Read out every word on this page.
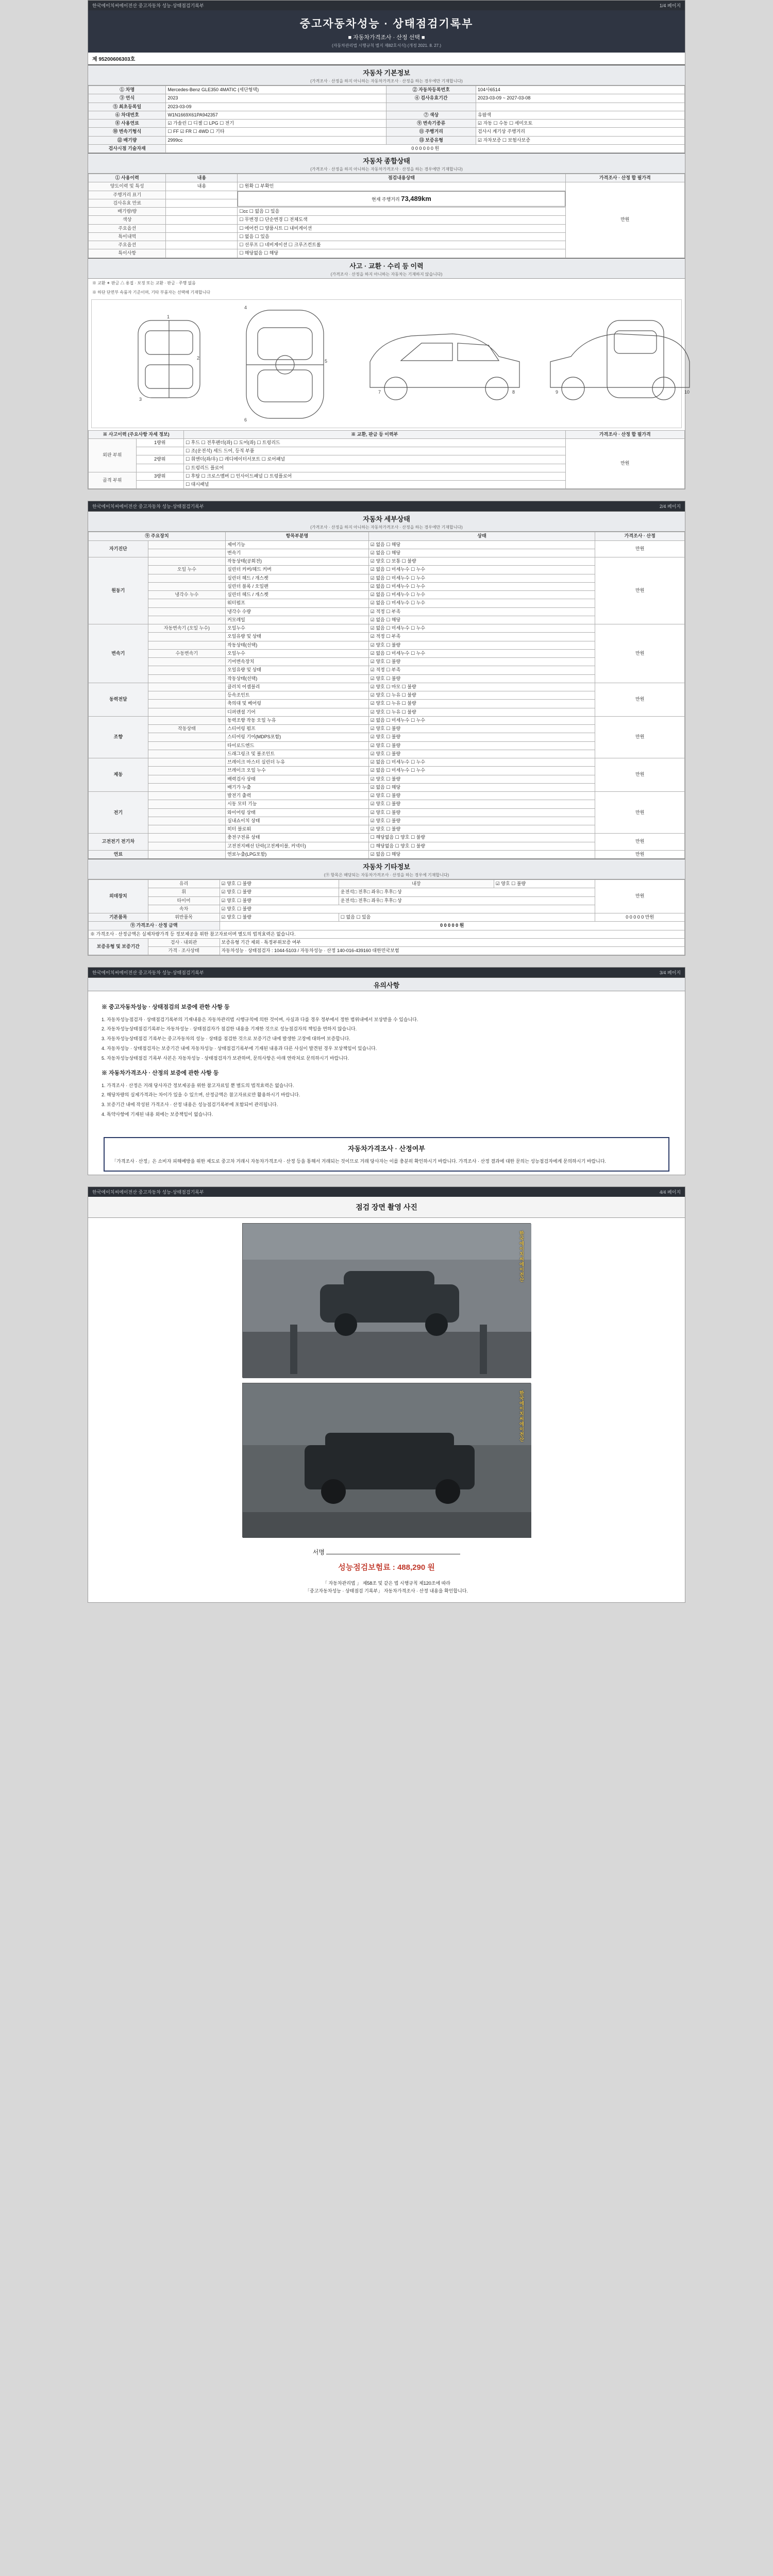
한국에이치씨에이전산 중고자동차 성능·상태점검기록부	1/4 페이지
중고자동차성능 · 상태점검기록부
■ 자동차가격조사 · 산정 선택 ■
(자동차관리법 시행규칙 별지 제82호서식) (개정 2021. 8. 27.)
제 95200606303호
자동차 기본정보
(가격조사 · 산정을 하지 아니하는 자동차가격조사 · 산정을 하는 경우에만 기재합니다)
① 차명	Mercedes-Benz GLE350 4MATIC (세단형택)	② 자동차등록번호	104사6514
③ 연식	2023	④ 검사유효기간	2023-03-09 ~ 2027-03-08
⑤ 최초등록일	2023-03-09		
⑥ 차대번호	W1N1669X61PA942357	⑦ 색상	유팜색
⑧ 사용연료	☑ 가솔린 ☐ 디젤 ☐ LPG ☐ 전기	⑨ 변속기종류	☑ 자동 ☐ 수동 ☐ 세미오토
⑩ 변속기형식	☐ FF ☑ FR ☐ 4WD ☐ 기타	⑪ 주행거리	검사시 계기상 주행거리
⑫ 배기량	2999cc	⑬ 보증유형	☑ 자차보증 ☐ 보험사보증
검사시점 기술자재	0 0 0 0 0 0 원		
자동차 종합상태
(가격조사 · 산정을 하지 아니하는 자동차가격조사 · 산정을 하는 경우에만 기재합니다)
① 사용이력	내용	점검내용상태	가격조사 · 산정 합 필가격
양도이력 및 특성	내용	☐ 원확 ☐ 부확인	만원
주행거리 표기		현재 주행거리 73,489km	

검사유효 만료			
배기량/량		☐cc ☐ 없음 ☐ 있음	
색상		☐ 무변경 ☐ 단순변경 ☐ 전체도색	
주요옵션		☐ 에어컨 ☐ 양품시트 ☐ 내비게이션	
특이내역		☐ 없음 ☐ 있음	
주요옵션		☐ 선루프 ☐ 네비게이션 ☐ 크루즈컨트롤	
특이사항		☐ 해당없음 ☐ 해당	
사고 · 교환 · 수리 등 이력
(가격조사 · 산정을 하지 아니하는 자동차는 기재하지 않습니다)
※ 교환 ✶ 판금 △ 용접 · 보정 또는 교환 · 판금 · 주행 없음
※ 하단 단면부 속품자 기준이며, 기타 부품자는 선택해 기재합니다
1
2
3
4
5
6
7	8	9	10
※ 사고이력 (주요사항 자세 정보)		※ 교환, 판금 등 이력부	가격조사 · 산정 합 필가격
외판 부위	1량위	☐ 후드 ☐ 전후펜더(좌) ☐ 도어(좌) ☐ 트렁리드	만원
		☐ 조(운전석) 세드 드어, 등직 부품	
	2량위	☐ 휘엔더(좌/우) ☐ 레디에이터서포트 ☐ 로어패널	
		☐ 트렁리드 플로어	
골격 부위	3량위	☐ 후탑 ☐ 크로스멤버 ☐ 인사이드패널 ☐ 트렁플로어	
		☐ 대시패널	
한국에이치씨에이전산 중고자동차 성능·상태점검기록부	2/4 페이지
자동차 세부상태
(가격조사 · 산정을 하지 아니하는 자동차가격조사 · 산정을 하는 경우에만 기재합니다)
⑨ 주요장치		항목부분명	상태	가격조사 · 산정
자기진단		제어기능	☑ 없음 ☐ 해당	만원
		변속기	☑ 없음 ☐ 해당	
원동기		작동상태(공회전)	☑ 양호 ☐ 보통 ☐ 불량	만원
	오일 누수	실린더 커버/헤드 커버	☑ 없음 ☐ 미세누수 ☐ 누수	
		실린더 헤드 / 개스켓	☑ 없음 ☐ 미세누수 ☐ 누수	
		실린더 블록 / 오일팬	☑ 없음 ☐ 미세누수 ☐ 누수	
	냉각수 누수	실린더 헤드 / 개스켓	☑ 없음 ☐ 미세누수 ☐ 누수	
		워터펌프	☑ 없음 ☐ 미세누수 ☐ 누수	
		냉각수 수량	☑ 적정 ☐ 부족	
		커모레일	☑ 없음 ☐ 해당	
변속기	자동변속기 (오일 누수)	오일누수	☑ 없음 ☐ 미세누수 ☐ 누수	만원
		오일유량 및 상태	☑ 적정 ☐ 부족	
		작동상태(선택)	☑ 양호 ☐ 불량	
	수동변속기	오일누수	☑ 없음 ☐ 미세누수 ☐ 누수	
		기어변속장치	☑ 양호 ☐ 불량	
		오일유량 및 상태	☑ 적정 ☐ 부족	
		작동상태(선택)	☑ 양호 ☐ 불량	
동력전달		클러치 어셈블리	☑ 양호 ☐ 마모 ☐ 불량	만원
		등속조인트	☑ 양호 ☐ 누유 ☐ 불량	
		축의대 및 베어링	☑ 양호 ☐ 누유 ☐ 불량	
		디퍼렌셜 기어	☑ 양호 ☐ 누유 ☐ 불량	
조향		동력조향 작동 오일 누유	☑ 없음 ☐ 미세누수 ☐ 누수	만원
	작동상태	스티어링 펌프	☑ 양호 ☐ 불량	
		스티어링 기어(MDPS포함)	☑ 양호 ☐ 불량	
		타이로드엔드	☑ 양호 ☐ 불량	
		드래그링크 및 볼조인트	☑ 양호 ☐ 불량	
제동		브레이크 마스터 실린더 누유	☑ 없음 ☐ 미세누수 ☐ 누수	만원
		브레이크 오일 누수	☑ 없음 ☐ 미세누수 ☐ 누수	
		배력검사 상태	☑ 양호 ☐ 불량	
		배기가 누출	☑ 없음 ☐ 해당	
전기		발전기 출력	☑ 양호 ☐ 불량	만원
		시동 모터 기능	☑ 양호 ☐ 불량	
		와이어링 상태	☑ 양호 ☐ 불량	
		실내쇼이치 상태	☑ 양호 ☐ 불량	
		히터 블로워	☑ 양호 ☐ 불량	
고전전기 전기차		충전구전류 상태	☐ 해당없음 ☐ 양호 ☐ 불량	만원
		고전전지배선 단락(고전케이블, 커넥터)	☐ 해당없음 ☐ 양호 ☐ 불량	
연료		연료누출(LPG포함)	☑ 없음 ☐ 해당	만원
자동차 기타정보
(⑨ 항목은 해당되는 자동차가격조사 · 산정을 하는 경우에 기재합니다)
외데장치	유리	☑ 양호 ☐ 불량	내장	☑ 양호 ☐ 불량	만원
	휘	☑ 양호 ☐ 불량	운전석□ 전후□ 좌우□ 후후□ 상		
	타이어	☑ 양호 ☐ 불량	운전석□ 전후□ 좌우□ 후후□ 상		
	속차	☑ 양호 ☐ 불량			
기본품목	위반품목	☑ 양호 ☐ 불량	☐ 없음 ☐ 있음		0 0 0 0 0 만원
⑨ 가격조사 · 산정 금액		0 0 0 0 0 원			
※ 가격조사 · 산정금액은 실제차량가격 등 정보제공을 위한 참고자료이며 별도의 법적효력은 없습니다.					
보증유형 및 보증기간	검사 · 내외관	보증유형 기간 제외 · 특정부위보증 여부			
	가격 · 조사상태	자동차성능 · 상태점검자 : 1044-5103 / 자동차성능 · 산정 140-016-439160 대한민국보험			
한국에이치씨에이전산 중고자동차 성능·상태점검기록부	3/4 페이지
유의사항
※ 중고자동차성능 · 상태점검의 보증에 관한 사항 등

1. 자동차성능점검자 · 상태점검기록부의 기재내용은 자동차관리법 시행규칙에 의한 것이며, 사실과 다를 경우 정부에서 정한 범위내에서 보상받을 수 있습니다.

2. 자동차성능상태점검기록부는 자동차성능 · 상태점검자가 점검한 내용을 기재한 것으로 성능점검자의 책임을 면하지 않습니다.

3. 자동차성능상태점검 기록부는 중고자동차의 성능 · 상태를 점검한 것으로 보증기간 내에 발생한 고장에 대하여 보증합니다.

4. 자동차성능 · 상태점검자는 보증기간 내에 자동차성능 · 상태점검기록부에 기재된 내용과 다른 사실이 발견된 경우 보상책임이 있습니다.

5. 자동차성능상태점검 기록부 사본은 자동차성능 · 상태점검자가 보관하며, 문의사항은 아래 연락처로 문의하시기 바랍니다.

※ 자동차가격조사 · 산정의 보증에 관한 사항 등

1. 가격조사 · 산정은 거래 당사자간 정보제공을 위한 참고자료일 뿐 별도의 법적효력은 없습니다.

2. 해당차량의 실제가격과는 차이가 있을 수 있으며, 산정금액은 참고자료로만 활용하시기 바랍니다.

3. 보증기간 내에 작성된 가격조사 · 산정 내용은 성능점검기록부에 포함되어 관리됩니다.

4. 특약사항에 기재된 내용 외에는 보증책임이 없습니다.

자동차가격조사 · 산정여부
「가격조사 · 산정」은 소비자 피해예방을 위한 제도로 중고차 거래시 자동차가격조사 · 산정 등을 통해서 거래되는 것이므로 거래 당사자는 이를 충분히 확인하시기 바랍니다. 가격조사 · 산정 결과에 대한 문의는 성능점검자에게 문의하시기 바랍니다.
한국에이치씨에이전산 중고자동차 성능·상태점검기록부	4/4 페이지
점검 장면 촬영 사진
한국에이치씨에이전산
한국에이치씨에이전산
서명
성능점검보험료 : 488,290 원
「 자동차관리법 」 제58조 및 같은 법 시행규칙 제120조에 따라
「중고자동차성능 · 상태점검 기록부」 자동차가격조사 · 산정 내용을 확인합니다.
